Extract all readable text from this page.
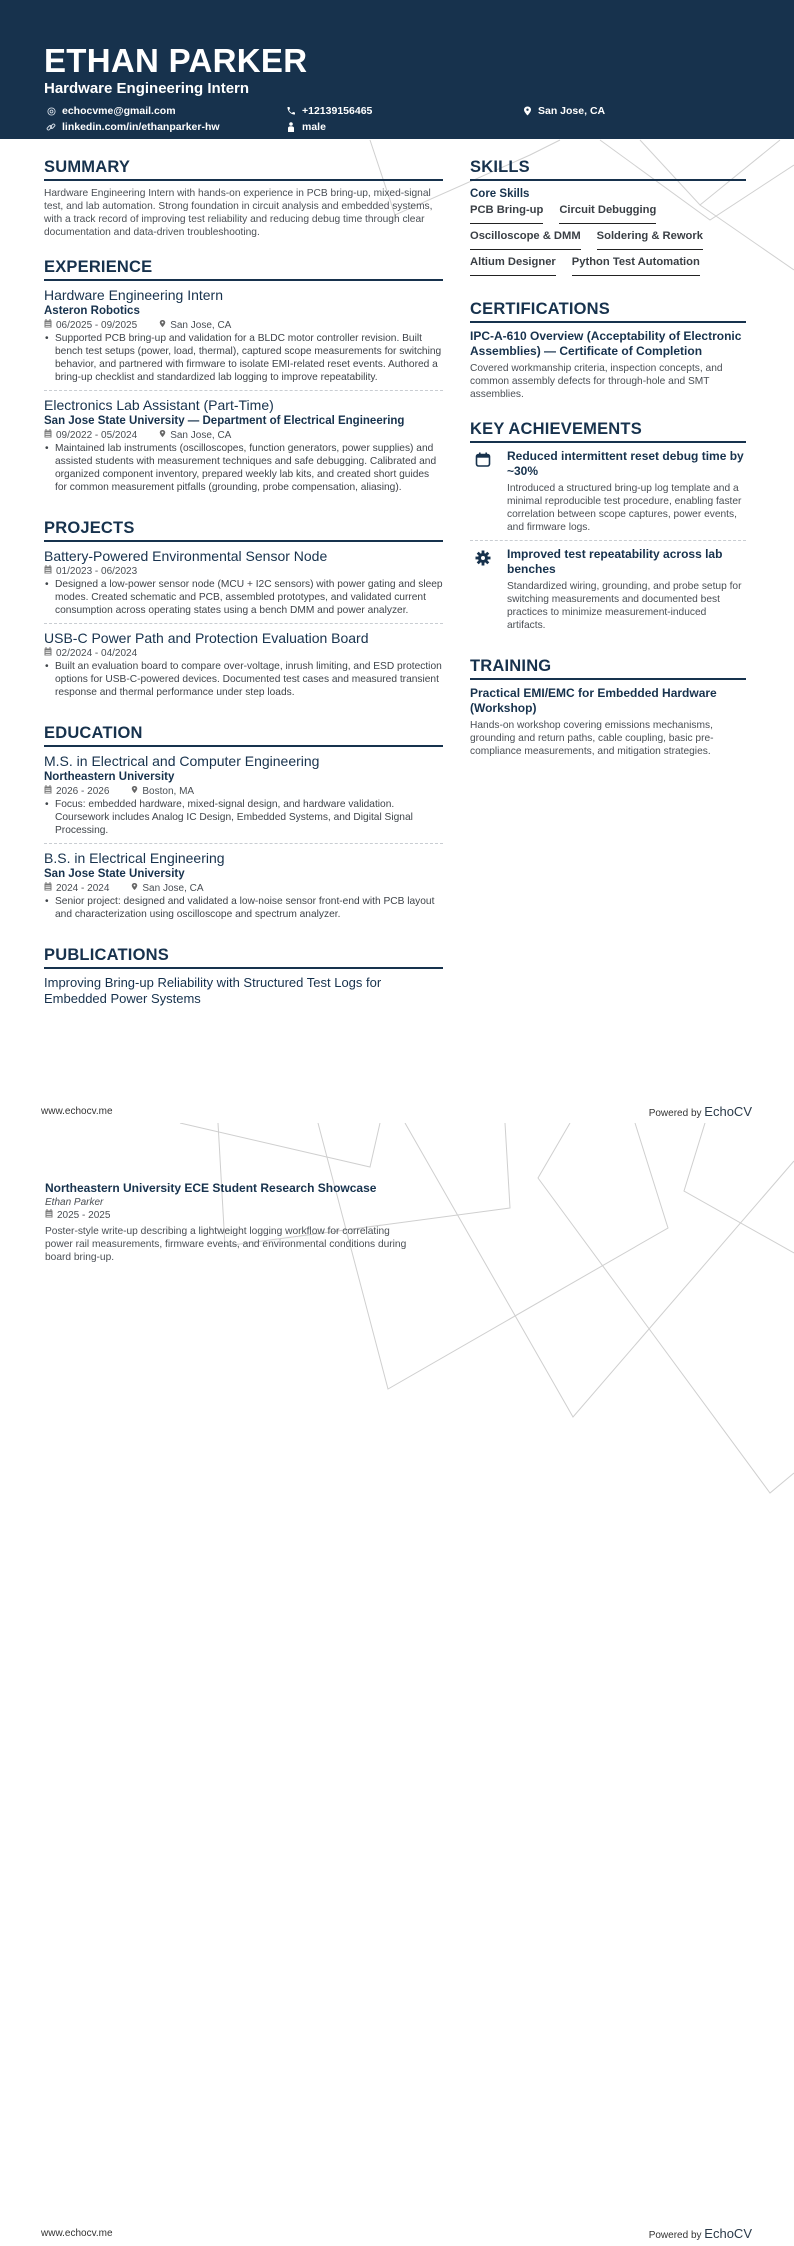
ETHAN PARKER
Hardware Engineering Intern
echocvme@gmail.com	+12139156465	San Jose, CA
linkedin.com/in/ethanparker-hw	male
SUMMARY
Hardware Engineering Intern with hands-on experience in PCB bring-up, mixed-signal test, and lab automation. Strong foundation in circuit analysis and embedded systems, with a track record of improving test reliability and reducing debug time through clear documentation and data-driven troubleshooting.
EXPERIENCE
Hardware Engineering Intern
Asteron Robotics
06/2025 - 09/2025	San Jose, CA
• Supported PCB bring-up and validation for a BLDC motor controller revision. Built bench test setups (power, load, thermal), captured scope measurements for switching behavior, and partnered with firmware to isolate EMI-related reset events. Authored a bring-up checklist and standardized lab logging to improve repeatability.
Electronics Lab Assistant (Part-Time)
San Jose State University — Department of Electrical Engineering
09/2022 - 05/2024	San Jose, CA
• Maintained lab instruments (oscilloscopes, function generators, power supplies) and assisted students with measurement techniques and safe debugging. Calibrated and organized component inventory, prepared weekly lab kits, and created short guides for common measurement pitfalls (grounding, probe compensation, aliasing).
PROJECTS
Battery-Powered Environmental Sensor Node
01/2023 - 06/2023
• Designed a low-power sensor node (MCU + I2C sensors) with power gating and sleep modes. Created schematic and PCB, assembled prototypes, and validated current consumption across operating states using a bench DMM and power analyzer.
USB-C Power Path and Protection Evaluation Board
02/2024 - 04/2024
• Built an evaluation board to compare over-voltage, inrush limiting, and ESD protection options for USB-C-powered devices. Documented test cases and measured transient response and thermal performance under step loads.
EDUCATION
M.S. in Electrical and Computer Engineering
Northeastern University
2026 - 2026	Boston, MA
• Focus: embedded hardware, mixed-signal design, and hardware validation. Coursework includes Analog IC Design, Embedded Systems, and Digital Signal Processing.
B.S. in Electrical Engineering
San Jose State University
2024 - 2024	San Jose, CA
• Senior project: designed and validated a low-noise sensor front-end with PCB layout and characterization using oscilloscope and spectrum analyzer.
PUBLICATIONS
Improving Bring-up Reliability with Structured Test Logs for Embedded Power Systems
SKILLS
Core Skills
PCB Bring-up Circuit Debugging
Oscilloscope & DMM Soldering & Rework
Altium Designer Python Test Automation
CERTIFICATIONS
IPC-A-610 Overview (Acceptability of Electronic Assemblies) — Certificate of Completion
Covered workmanship criteria, inspection concepts, and common assembly defects for through-hole and SMT assemblies.
KEY ACHIEVEMENTS
Reduced intermittent reset debug time by ~30%
Introduced a structured bring-up log template and a minimal reproducible test procedure, enabling faster correlation between scope captures, power events, and firmware logs.
Improved test repeatability across lab benches
Standardized wiring, grounding, and probe setup for switching measurements and documented best practices to minimize measurement-induced artifacts.
TRAINING
Practical EMI/EMC for Embedded Hardware (Workshop)
Hands-on workshop covering emissions mechanisms, grounding and return paths, cable coupling, basic pre-compliance measurements, and mitigation strategies.
www.echocv.me	Powered by EchoCV
Northeastern University ECE Student Research Showcase
Ethan Parker
2025 - 2025
Poster-style write-up describing a lightweight logging workflow for correlating power rail measurements, firmware events, and environmental conditions during board bring-up.
www.echocv.me	Powered by EchoCV
